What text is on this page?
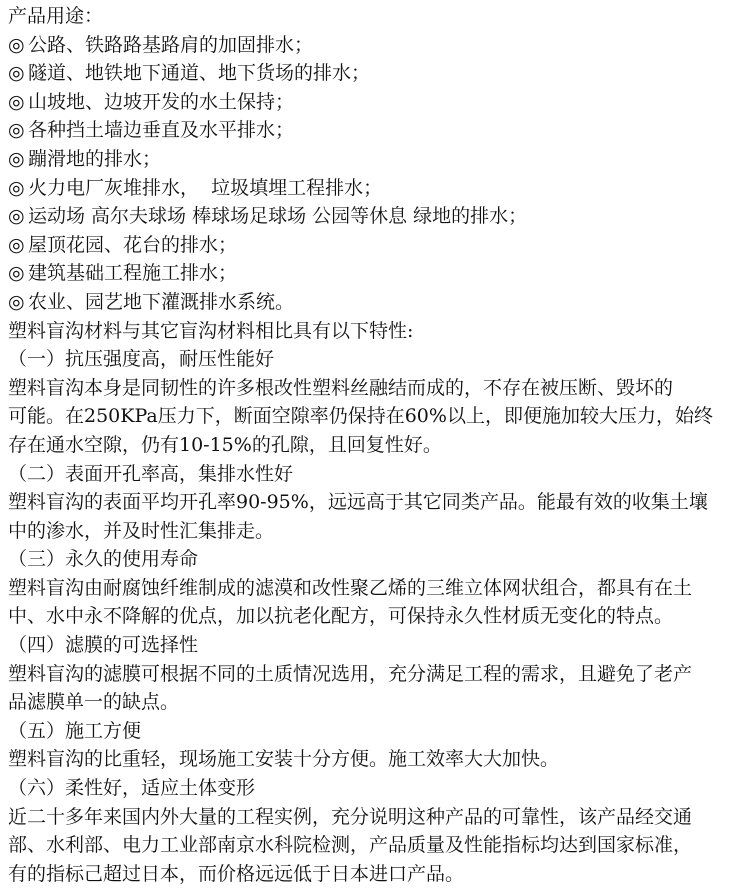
产品用途：
◎ 公路、铁路路基路肩的加固排水；
◎ 隧道、地铁地下通道、地下货场的排水；
◎ 山坡地、边坡开发的水土保持；
◎ 各种挡土墙边垂直及水平排水；
◎ 蹦滑地的排水；
◎ 火力电厂灰堆排水，  垃圾填埋工程排水；
◎ 运动场 高尔夫球场 棒球场足球场 公园等休息 绿地的排水；
◎ 屋顶花园、花台的排水；
◎ 建筑基础工程施工排水；
◎ 农业、园艺地下灌溉排水系统。
塑料盲沟材料与其它盲沟材料相比具有以下特性:
（一）抗压强度高，耐压性能好
塑料盲沟本身是同韧性的许多根改性塑料丝融结而成的，不存在被压断、毁坏的
可能。在250KPa压力下，断面空隙率仍保持在60%以上，即便施加较大压力，始终
存在通水空隙，仍有10-15%的孔隙，且回复性好。
（二）表面开孔率高，集排水性好
塑料盲沟的表面平均开孔率90-95%，远远高于其它同类产品。能最有效的收集土壤
中的渗水，并及时性汇集排走。
（三）永久的使用寿命
塑料盲沟由耐腐蚀纤维制成的滤漠和改性聚乙烯的三维立体网状组合，都具有在土
中、水中永不降解的优点，加以抗老化配方，可保持永久性材质无变化的特点。
（四）滤膜的可选择性
塑料盲沟的滤膜可根据不同的土质情况选用，充分满足工程的需求，且避免了老产
品滤膜单一的缺点。
（五）施工方便
塑料盲沟的比重轻，现场施工安装十分方便。施工效率大大加快。
（六）柔性好，适应土体变形
近二十多年来国内外大量的工程实例，充分说明这种产品的可靠性，该产品经交通
部、水利部、电力工业部南京水科院检测，产品质量及性能指标均达到国家标准，
有的指标己超过日本，而价格远远低于日本进口产品。
